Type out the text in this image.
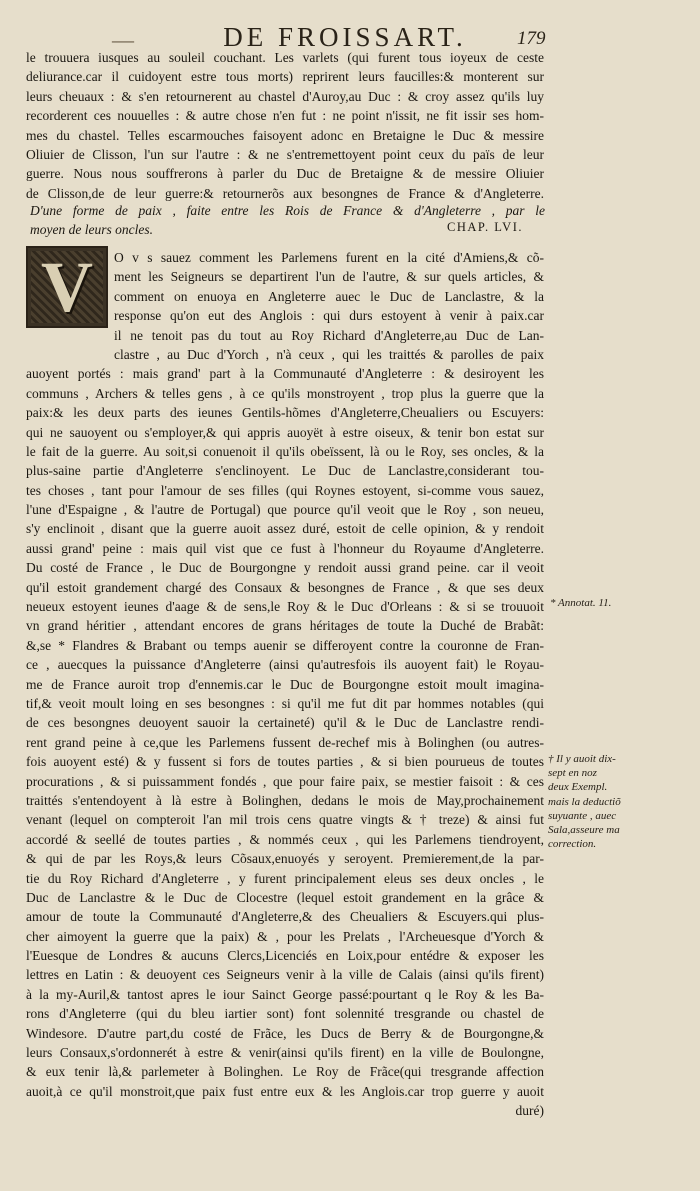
—	DE FROISSART.	179
le trouuera iusques au souleil couchant. Les varlets (qui furent tous ioyeux de ceste
deliurance.car il cuidoyent estre tous morts) reprirent leurs faucilles:& monterent sur
leurs cheuaux : & s'en retournerent au chastel d'Auroy,au Duc : & croy assez qu'ils luy
recorderent ces nouuelles : & autre chose n'en fut : ne point n'issit, ne fit issir ses hom-
mes du chastel. Telles escarmouches faisoyent adonc en Bretaigne le Duc & messire
Oliuier de Clisson, l'un sur l'autre : & ne s'entremettoyent point ceux du païs de leur
guerre. Nous nous souffrerons à parler du Duc de Bretaigne & de messire Oliuier
de Clisson,de de leur guerre:& retournerõs aux besongnes de France & d'Angleterre.
D'une forme de paix , faite entre les Rois de France & d'Angleterre , par le
moyen de leurs oncles.	CHAP. LVI.
V	O v s sauez comment les Parlemens furent en la cité d'Amiens,& cõ-
ment les Seigneurs se departirent l'un de l'autre, & sur quels articles, &
comment on enuoya en Angleterre auec le Duc de Lanclastre, & la
response qu'on eut des Anglois : qui durs estoyent à venir à paix.car
il ne tenoit pas du tout au Roy Richard d'Angleterre,au Duc de Lan-
clastre , au Duc d'Yorch , n'à ceux , qui les traittés & parolles de paix
auoyent portés : mais grand' part à la Communauté d'Angleterre : & desiroyent les
communs , Archers & telles gens , à ce qu'ils monstroyent , trop plus la guerre que la
paix:& les deux parts des ieunes Gentils-hõmes d'Angleterre,Cheualiers ou Escuyers:
qui ne sauoyent ou s'employer,& qui appris auoyët à estre oiseux, & tenir bon estat sur
le fait de la guerre. Au soit,si conuenoit il qu'ils obeïssent, là ou le Roy, ses oncles, & la
plus-saine partie d'Angleterre s'enclinoyent. Le Duc de Lanclastre,considerant tou-
tes choses , tant pour l'amour de ses filles (qui Roynes estoyent, si-comme vous sauez,
l'une d'Espaigne , & l'autre de Portugal) que pource qu'il veoit que le Roy , son neueu,
s'y enclinoit , disant que la guerre auoit assez duré, estoit de celle opinion, & y rendoit
aussi grand' peine : mais quil vist que ce fust à l'honneur du Royaume d'Angleterre.
Du costé de France , le Duc de Bourgongne y rendoit aussi grand peine. car il veoit
qu'il estoit grandement chargé des Consaux & besongnes de France , & que ses deux
neueux estoyent ieunes d'aage & de sens,le Roy & le Duc d'Orleans : & si se trouuoit
vn grand héritier , attendant encores de grans héritages de toute la Duché de Brabãt:
&,se * Flandres & Brabant ou temps auenir se differoyent contre la couronne de Fran-
ce , auecques la puissance d'Angleterre (ainsi qu'autresfois ils auoyent fait) le Royau-
me de France auroit trop d'ennemis.car le Duc de Bourgongne estoit moult imagina-
tif,& veoit moult loing en ses besongnes : si qu'il me fut dit par hommes notables (qui
de ces besongnes deuoyent sauoir la certaineté) qu'il & le Duc de Lanclastre rendi-
rent grand peine à ce,que les Parlemens fussent de-rechef mis à Bolinghen (ou autres-
fois auoyent esté) & y fussent si fors de toutes parties , & si bien pourueus de toutes
procurations , & si puissamment fondés , que pour faire paix, se mestier faisoit : & ces
traittés s'entendoyent à là estre à Bolinghen, dedans le mois de May,prochainement
venant (lequel on compteroit l'an mil trois cens quatre vingts & † treze) & ainsi fut
accordé & seellé de toutes parties , & nommés ceux , qui les Parlemens tiendroyent,
& qui de par les Roys,& leurs Cõsaux,enuoyés y seroyent. Premierement,de la par-
tie du Roy Richard d'Angleterre , y furent principalement eleus ses deux oncles , le
Duc de Lanclastre & le Duc de Clocestre (lequel estoit grandement en la grâce &
amour de toute la Communauté d'Angleterre,& des Cheualiers & Escuyers.qui plus-
cher aimoyent la guerre que la paix) & , pour les Prelats , l'Archeuesque d'Yorch &
l'Euesque de Londres & aucuns Clercs,Licenciés en Loix,pour entédre & exposer les
lettres en Latin : & deuoyent ces Seigneurs venir à la ville de Calais (ainsi qu'ils firent)
à la my-Auril,& tantost apres le iour Sainct George passé:pourtant q le Roy & les Ba-
rons d'Angleterre (qui du bleu iartier sont) font solennité tresgrande ou chastel de
Windesore. D'autre part,du costé de Frãce, les Ducs de Berry & de Bourgongne,&
leurs Consaux,s'ordonnerét à estre & venir(ainsi qu'ils firent) en la ville de Boulongne,
& eux tenir là,& parlemeter à Bolinghen. Le Roy de Frãce(qui tresgrande affection
auoit,à ce qu'il monstroit,que paix fust entre eux & les Anglois.car trop guerre y auoit
duré)
* Annotat. 11.
† Il y auoit dix-
sept en noz
deux Exempl.
mais la deductiõ
suyuante , auec
Sala,asseure ma
correction.
